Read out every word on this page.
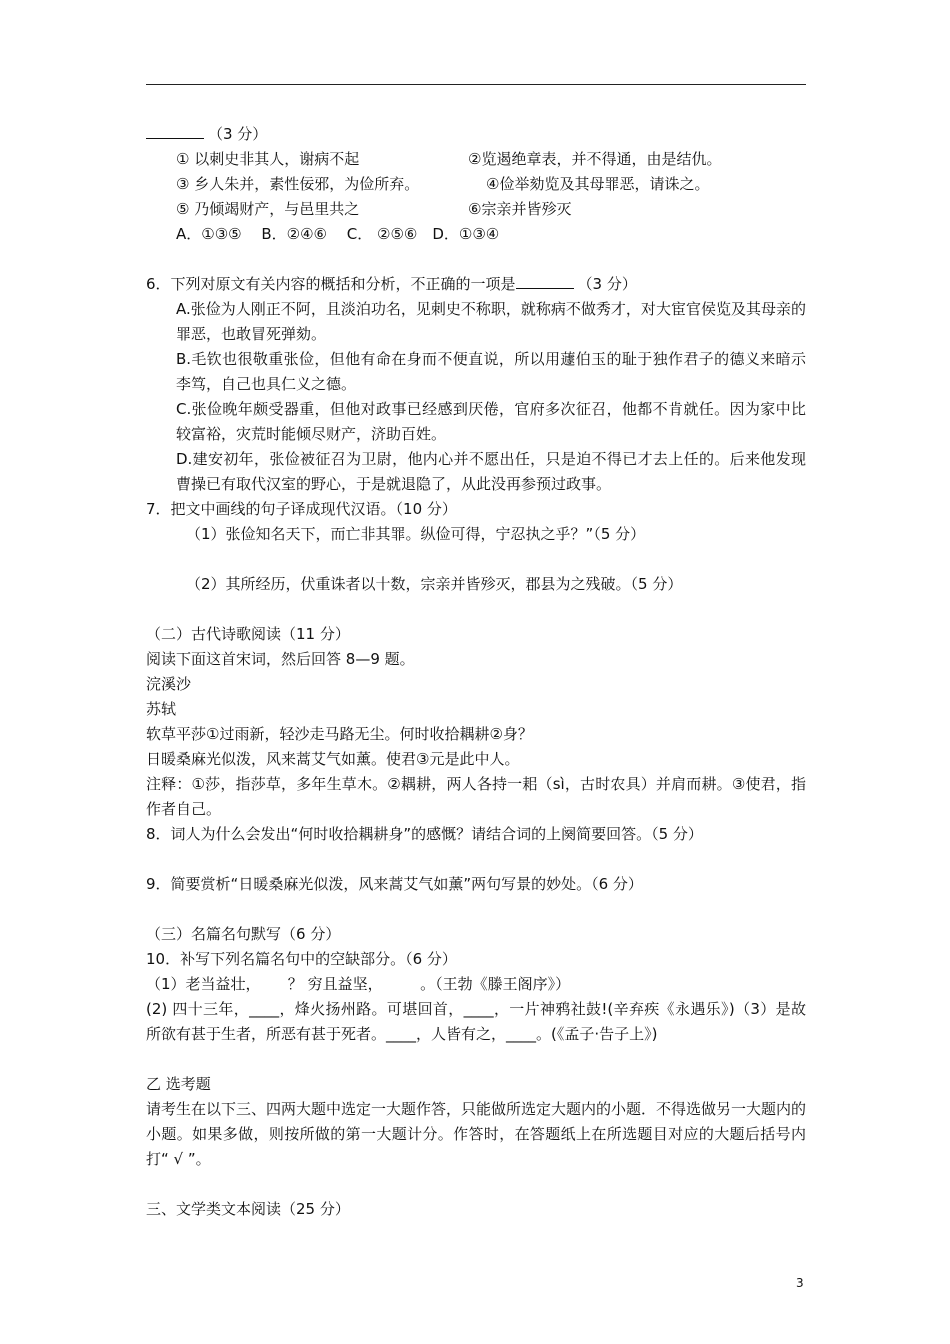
（3 分）
① 以刺史非其人，谢病不起	②览遏绝章表，并不得通，由是结仇。
③ 乡人朱并，素性佞邪，为俭所弃。	④俭举劾览及其母罪恶，请诛之。
⑤ 乃倾竭财产，与邑里共之	⑥宗亲并皆殄灭
A．①③⑤　 B．②④⑥　 C． ②⑤⑥　D．①③④
6．下列对原文有关内容的概括和分析，不正确的一项是	（3 分）
A.张俭为人刚正不阿，且淡泊功名，见刺史不称职，就称病不做秀才，对大宦官侯览及其母亲的罪恶，也敢冒死弹劾。
B.毛钦也很敬重张俭，但他有命在身而不便直说，所以用蘧伯玉的耻于独作君子的德义来暗示李笃，自己也具仁义之德。
C.张俭晚年颇受器重，但他对政事已经感到厌倦，官府多次征召，他都不肯就任。因为家中比较富裕，灾荒时能倾尽财产，济助百姓。
D.建安初年，张俭被征召为卫尉，他内心并不愿出任，只是迫不得已才去上任的。后来他发现曹操已有取代汉室的野心，于是就退隐了，从此没再参预过政事。
7．把文中画线的句子译成现代汉语。（10 分）
（1）张俭知名天下，而亡非其罪。纵俭可得，宁忍执之乎？”（5 分）
（2）其所经历，伏重诛者以十数，宗亲并皆殄灭，郡县为之残破。（5 分）
（二）古代诗歌阅读（11 分）
阅读下面这首宋词，然后回答 8—9 题。
浣溪沙
苏轼
软草平莎①过雨新，轻沙走马路无尘。何时收拾耦耕②身？
日暖桑麻光似泼，风来蒿艾气如薰。使君③元是此中人。
注释：①莎，指莎草，多年生草木。②耦耕，两人各持一耜（sì，古时农具）并肩而耕。③使君，指作者自己。
8．词人为什么会发出“何时收拾耦耕身”的感慨？请结合词的上阕简要回答。（5 分）
9．简要赏析“日暖桑麻光似泼，风来蒿艾气如薰”两句写景的妙处。（6 分）
（三）名篇名句默写（6 分）
10．补写下列名篇名句中的空缺部分。（6 分）
（1）老当益壮，　　 ？ 穷且益坚，　　　。（王勃《滕王阁序》）
(2) 四十三年，____，烽火扬州路。可堪回首，____，一片神鸦社鼓!(辛弃疾《永遇乐》)（3）是故所欲有甚于生者，所恶有甚于死者。____，人皆有之，____。(《孟子·告子上》)
乙 选考题
请考生在以下三、四两大题中选定一大题作答，只能做所选定大题内的小题．不得选做另一大题内的小题。如果多做，则按所做的第一大题计分。作答时，在答题纸上在所选题目对应的大题后括号内打“ √ ”。
三、文学类文本阅读（25 分）
3
